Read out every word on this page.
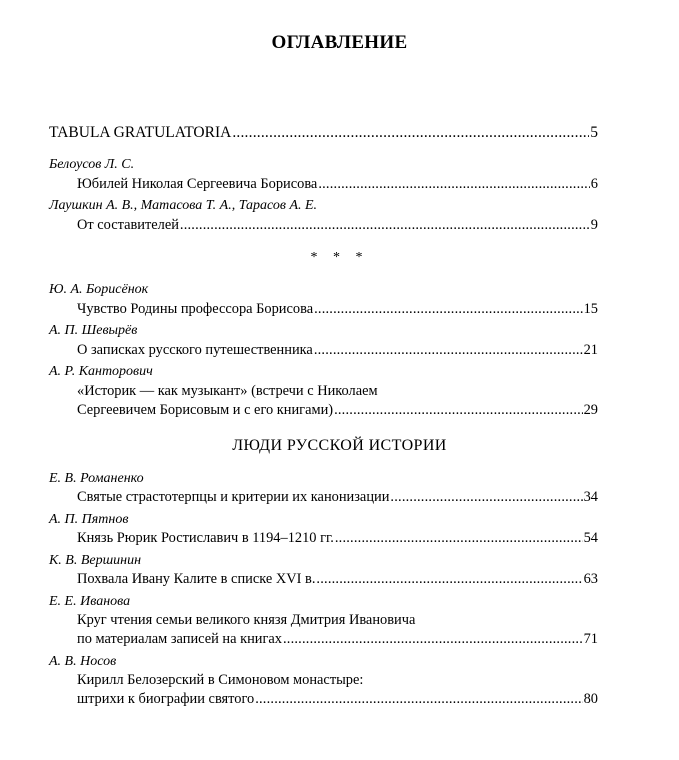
ОГЛАВЛЕНИЕ
TABULA GRATULATORIA .....	5
Белоусов Л. С.
Юбилей Николая Сергеевича Борисова .....	6
Лаушкин А. В., Матасова Т. А., Тарасов А. Е.
От составителей .....	9
* * *
Ю. А. Борисёнок
Чувство Родины профессора Борисова .....	15
А. П. Шевырёв
О записках русского путешественника .....	21
А. Р. Канторович
«Историк — как музыкант» (встречи с Николаем
Сергеевичем Борисовым и с его книгами) .....	29
ЛЮДИ РУССКОЙ ИСТОРИИ
Е. В. Романенко
Святые страстотерпцы и критерии их канонизации .....	34
А. П. Пятнов
Князь Рюрик Ростиславич в 1194–1210 гг. .....	54
К. В. Вершинин
Похвала Ивану Калите в списке XVI в. .....	63
Е. Е. Иванова
Круг чтения семьи великого князя Дмитрия Ивановича
по материалам записей на книгах .....	71
А. В. Носов
Кирилл Белозерский в Симоновом монастыре:
штрихи к биографии святого .....	80
